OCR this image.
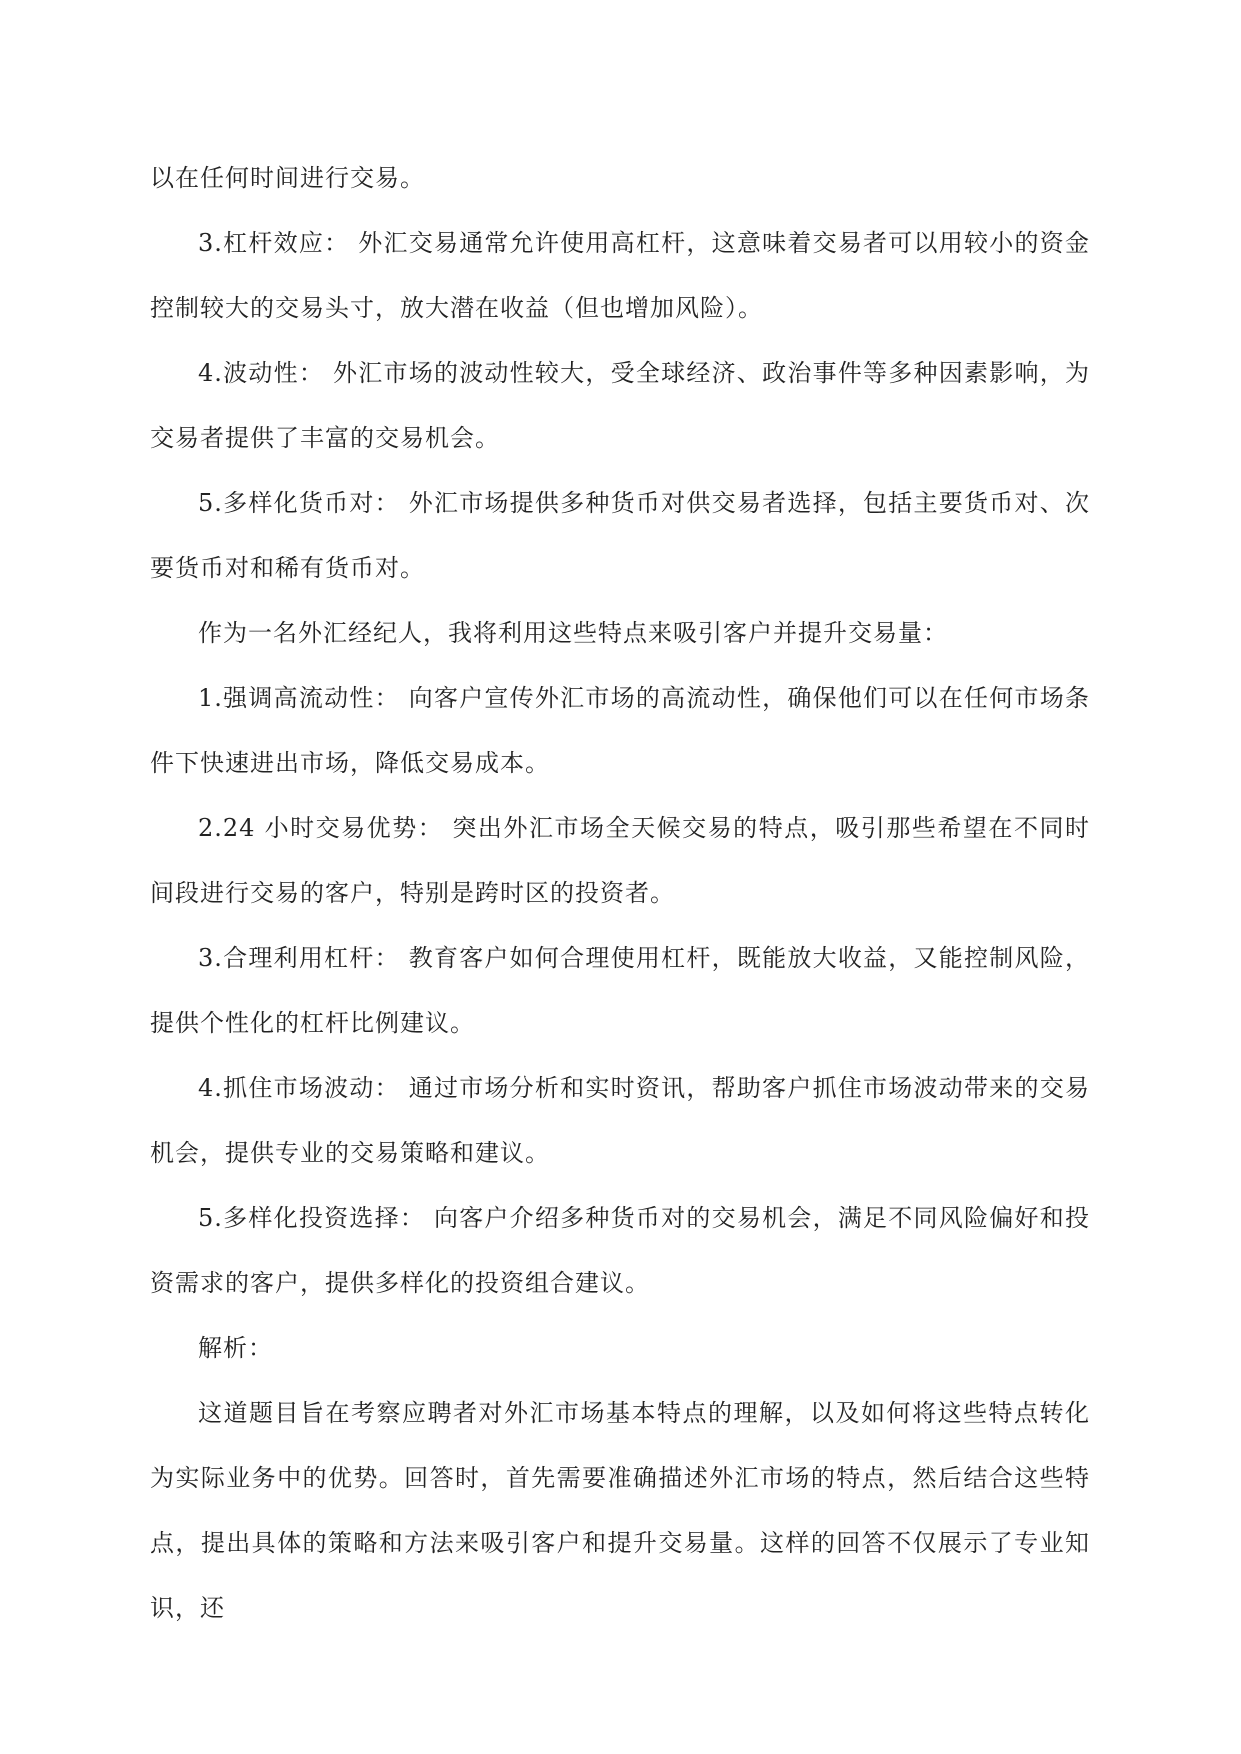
以在任何时间进行交易。

3.杠杆效应： 外汇交易通常允许使用高杠杆，这意味着交易者可以用较小的资金控制较大的交易头寸，放大潜在收益（但也增加风险）。

4.波动性： 外汇市场的波动性较大，受全球经济、政治事件等多种因素影响，为交易者提供了丰富的交易机会。

5.多样化货币对： 外汇市场提供多种货币对供交易者选择，包括主要货币对、次要货币对和稀有货币对。

作为一名外汇经纪人，我将利用这些特点来吸引客户并提升交易量：

1.强调高流动性： 向客户宣传外汇市场的高流动性，确保他们可以在任何市场条件下快速进出市场，降低交易成本。

2.24 小时交易优势： 突出外汇市场全天候交易的特点，吸引那些希望在不同时间段进行交易的客户，特别是跨时区的投资者。

3.合理利用杠杆： 教育客户如何合理使用杠杆，既能放大收益，又能控制风险，提供个性化的杠杆比例建议。

4.抓住市场波动： 通过市场分析和实时资讯，帮助客户抓住市场波动带来的交易机会，提供专业的交易策略和建议。

5.多样化投资选择： 向客户介绍多种货币对的交易机会，满足不同风险偏好和投资需求的客户，提供多样化的投资组合建议。

解析：

这道题目旨在考察应聘者对外汇市场基本特点的理解，以及如何将这些特点转化为实际业务中的优势。回答时，首先需要准确描述外汇市场的特点，然后结合这些特点，提出具体的策略和方法来吸引客户和提升交易量。这样的回答不仅展示了专业知识，还
